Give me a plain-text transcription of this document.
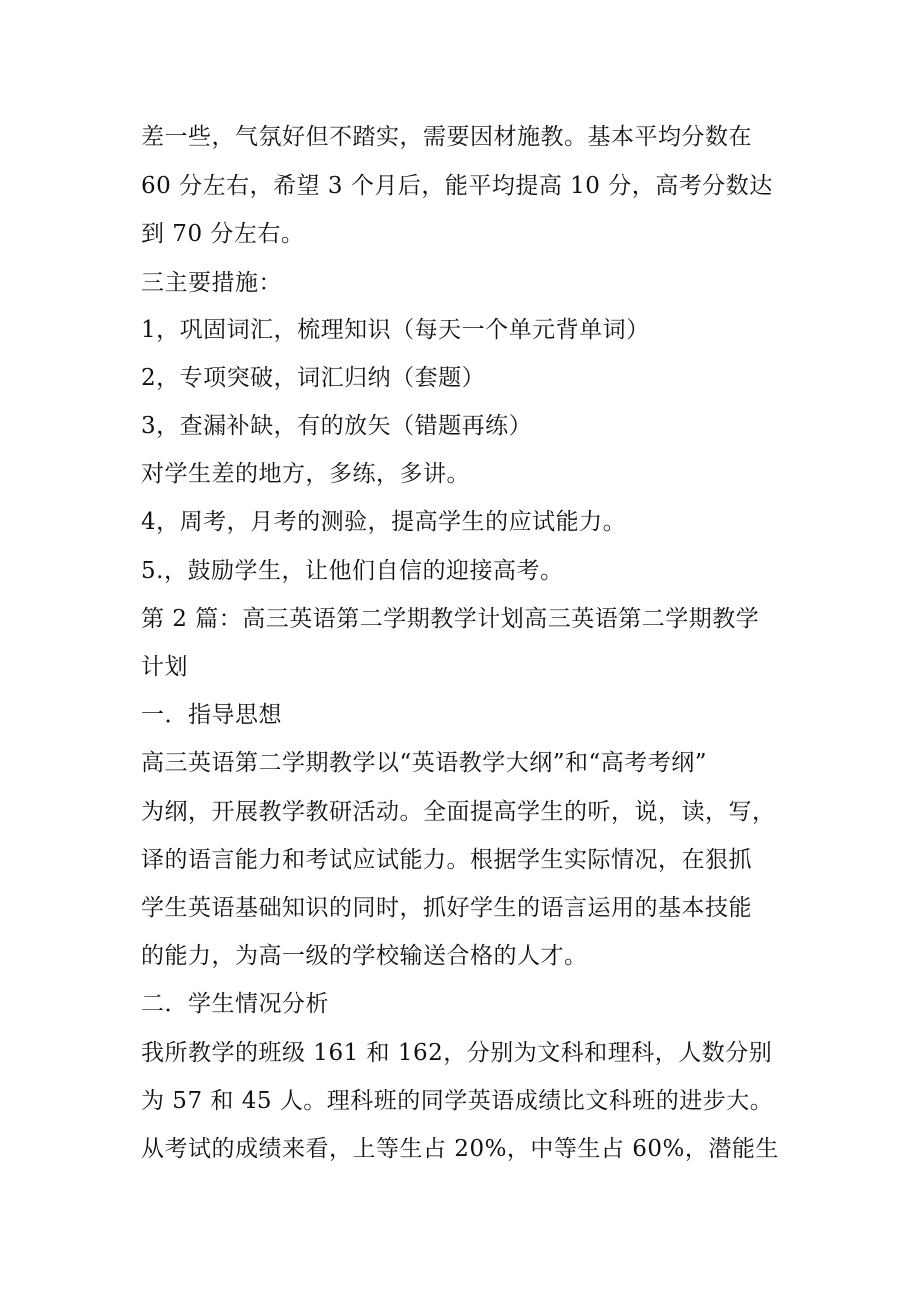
差一些，气氛好但不踏实，需要因材施教。基本平均分数在

60 分左右，希望 3 个月后，能平均提高 10 分，高考分数达

到 70 分左右。

三主要措施：

1，巩固词汇，梳理知识（每天一个单元背单词）

2，专项突破，词汇归纳（套题）

3，查漏补缺，有的放矢（错题再练）

对学生差的地方，多练，多讲。

4，周考，月考的测验，提高学生的应试能力。

5.，鼓励学生，让他们自信的迎接高考。

第 2 篇：高三英语第二学期教学计划高三英语第二学期教学

计划

一．指导思想

高三英语第二学期教学以“英语教学大纲”和“高考考纲”

为纲，开展教学教研活动。全面提高学生的听，说，读，写，

译的语言能力和考试应试能力。根据学生实际情况，在狠抓

学生英语基础知识的同时，抓好学生的语言运用的基本技能

的能力，为高一级的学校输送合格的人才。

二．学生情况分析

我所教学的班级 161 和 162，分别为文科和理科，人数分别

为 57 和 45 人。理科班的同学英语成绩比文科班的进步大。

从考试的成绩来看，上等生占 20%，中等生占 60%，潜能生
